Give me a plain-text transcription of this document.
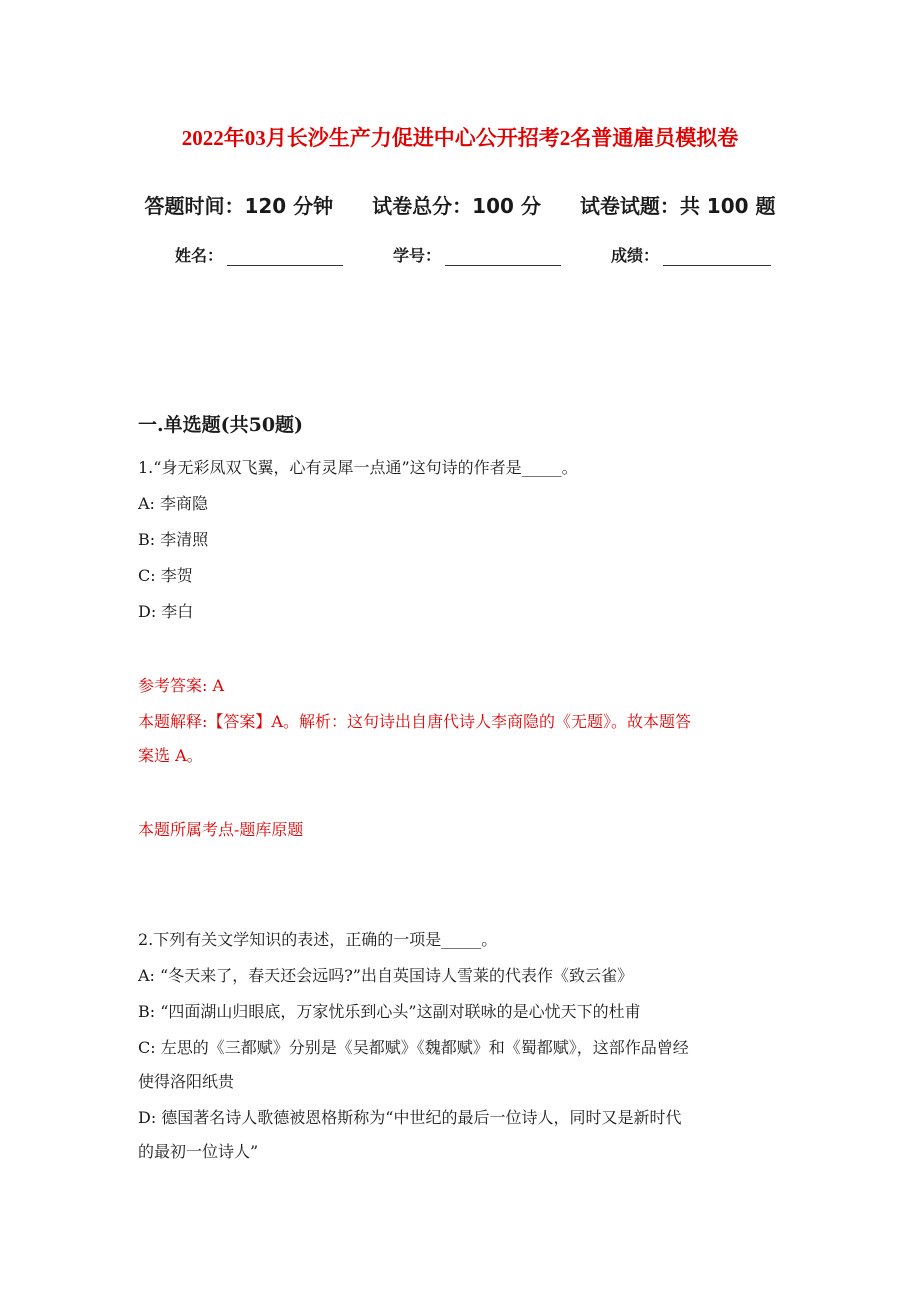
2022年03月长沙生产力促进中心公开招考2名普通雇员模拟卷
答题时间：120 分钟 试卷总分：100 分 试卷试题：共 100 题
姓名：	学号：	成绩：
一.单选题(共50题)
1.“身无彩凤双飞翼，心有灵犀一点通”这句诗的作者是_____。
A: 李商隐
B: 李清照
C: 李贺
D: 李白
参考答案: A
本题解释:【答案】A。解析：这句诗出自唐代诗人李商隐的《无题》。故本题答
案选 A。
本题所属考点-题库原题
2.下列有关文学知识的表述，正确的一项是_____。
A: “冬天来了，春天还会远吗?”出自英国诗人雪莱的代表作《致云雀》
B: “四面湖山归眼底，万家忧乐到心头”这副对联咏的是心忧天下的杜甫
C: 左思的《三都赋》分别是《吴都赋》《魏都赋》和《蜀都赋》，这部作品曾经
使得洛阳纸贵
D: 德国著名诗人歌德被恩格斯称为“中世纪的最后一位诗人，同时又是新时代
的最初一位诗人”
